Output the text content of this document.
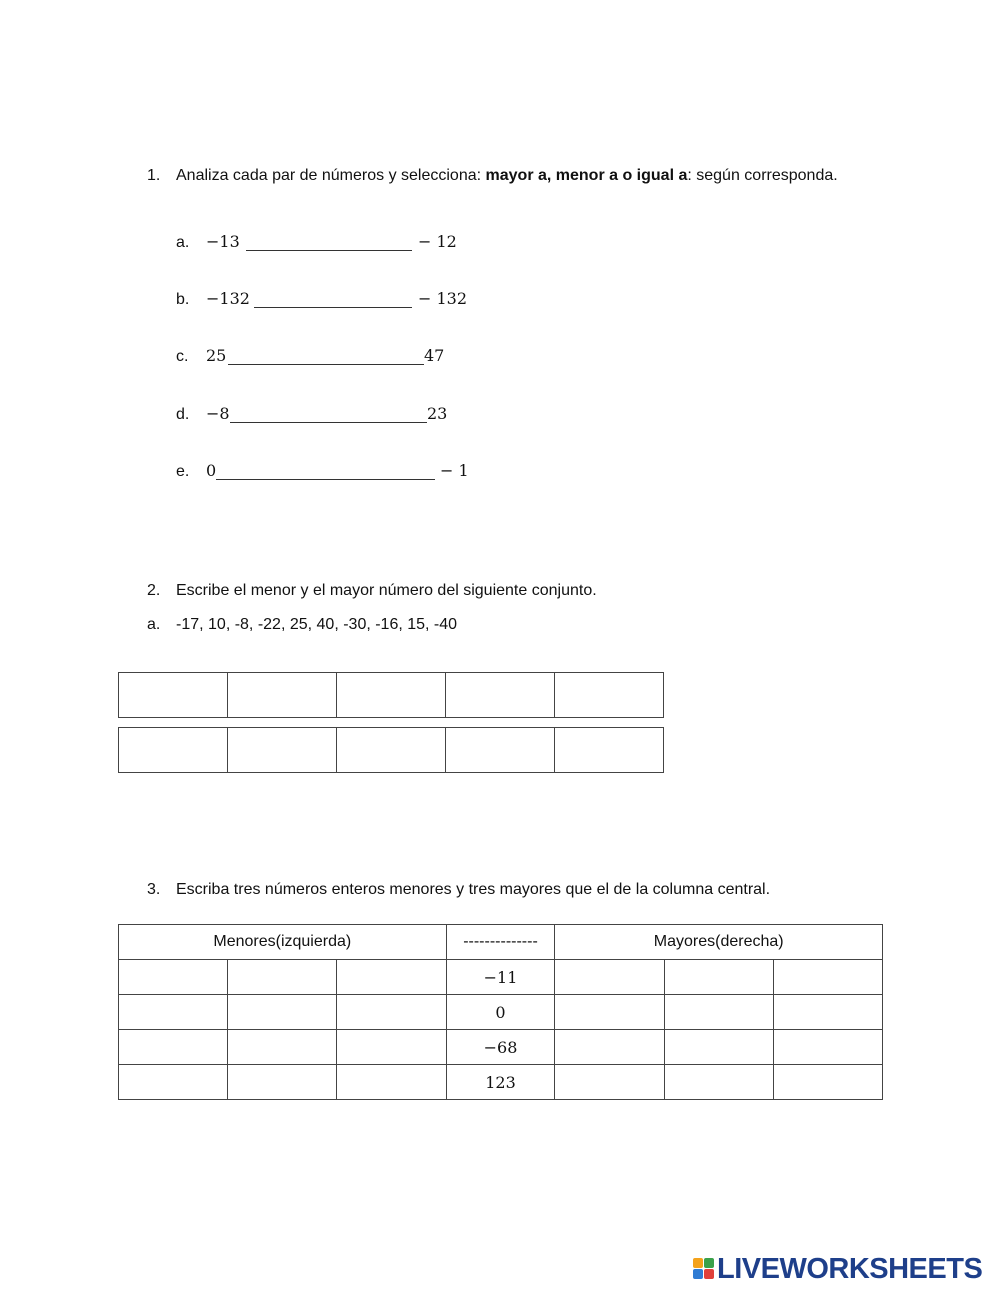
1. Analiza cada par de números y selecciona: mayor a, menor a o igual a: según corresponda.
a. −13	− 12
b. −132	− 132
c. 25	47
d. −8	23
e. 0	− 1
2. Escribe el menor y el mayor número del siguiente conjunto.
a. -17, 10, -8, -22, 25, 40, -30, -16, 15, -40

3. Escriba tres números enteros menores y tres mayores que el de la columna central.
Menores(izquierda)			--------------	Mayores(derecha)		
			−11			
			0			
			−68			
			123			
LIVEWORKSHEETS
